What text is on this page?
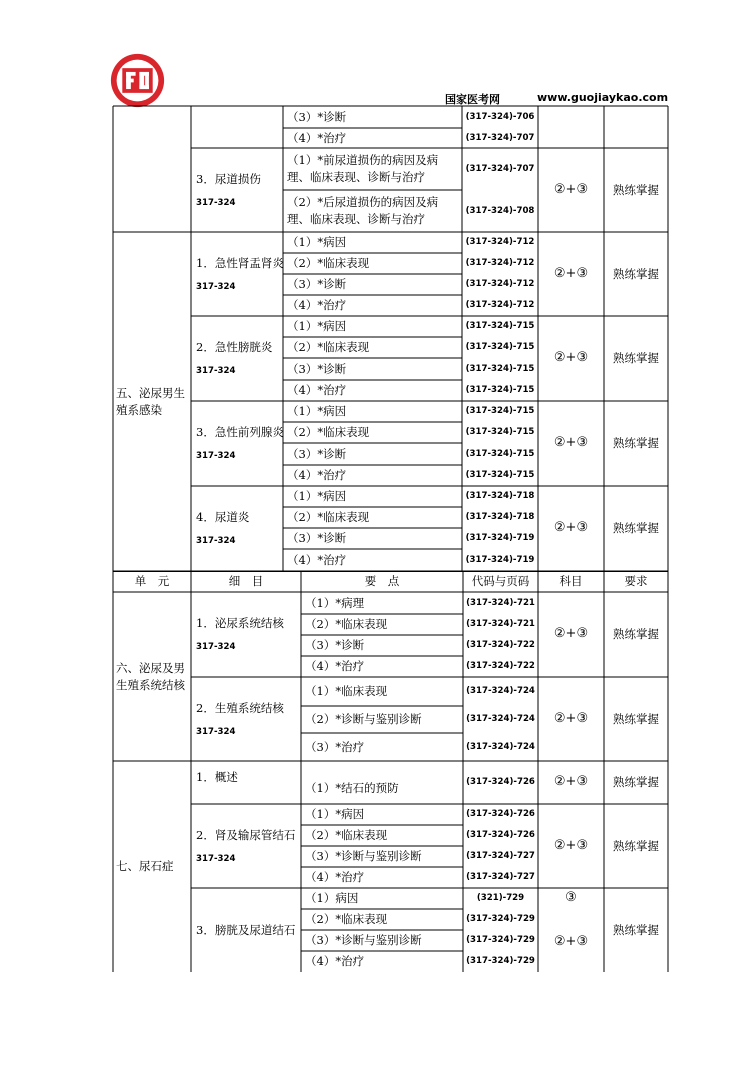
国家医考网	www.guojiaykao.com
（3）*诊断	(317-324)-706
（4）*治疗	(317-324)-707
3．尿道损伤
317-324
（1）*前尿道损伤的病因及病理、临床表现、诊断与治疗
(317-324)-707
（2）*后尿道损伤的病因及病理、临床表现、诊断与治疗
(317-324)-708
②+③	熟练掌握
五、泌尿男生殖系感染
1．急性肾盂肾炎
317-324
（1）*病因	(317-324)-712
（2）*临床表现	(317-324)-712
（3）*诊断	(317-324)-712
（4）*治疗	(317-324)-712
②+③	熟练掌握
2．急性膀胱炎
317-324
（1）*病因	(317-324)-715
（2）*临床表现	(317-324)-715
（3）*诊断	(317-324)-715
（4）*治疗	(317-324)-715
②+③	熟练掌握
3．急性前列腺炎
317-324
（1）*病因	(317-324)-715
（2）*临床表现	(317-324)-715
（3）*诊断	(317-324)-715
（4）*治疗	(317-324)-715
②+③	熟练掌握
4．尿道炎
317-324
（1）*病因	(317-324)-718
（2）*临床表现	(317-324)-718
（3）*诊断	(317-324)-719
（4）*治疗	(317-324)-719
②+③	熟练掌握
单　元	细　目	要　点	代码与页码	科目	要求
六、泌尿及男生殖系统结核
1．泌尿系统结核
317-324
（1）*病理	(317-324)-721
（2）*临床表现	(317-324)-721
（3）*诊断	(317-324)-722
（4）*治疗	(317-324)-722
②+③	熟练掌握
2．生殖系统结核
317-324
（1）*临床表现	(317-324)-724
（2）*诊断与鉴别诊断	(317-324)-724
（3）*治疗	(317-324)-724
②+③	熟练掌握
七、尿石症
1．概述
（1）*结石的预防	(317-324)-726	②+③	熟练掌握
2．肾及输尿管结石
317-324
（1）*病因	(317-324)-726
（2）*临床表现	(317-324)-726
（3）*诊断与鉴别诊断	(317-324)-727
（4）*治疗	(317-324)-727
②+③	熟练掌握
3．膀胱及尿道结石
（1）病因	(321)-729
（2）*临床表现	(317-324)-729
（3）*诊断与鉴别诊断	(317-324)-729
（4）*治疗	(317-324)-729
③
②+③
熟练掌握
